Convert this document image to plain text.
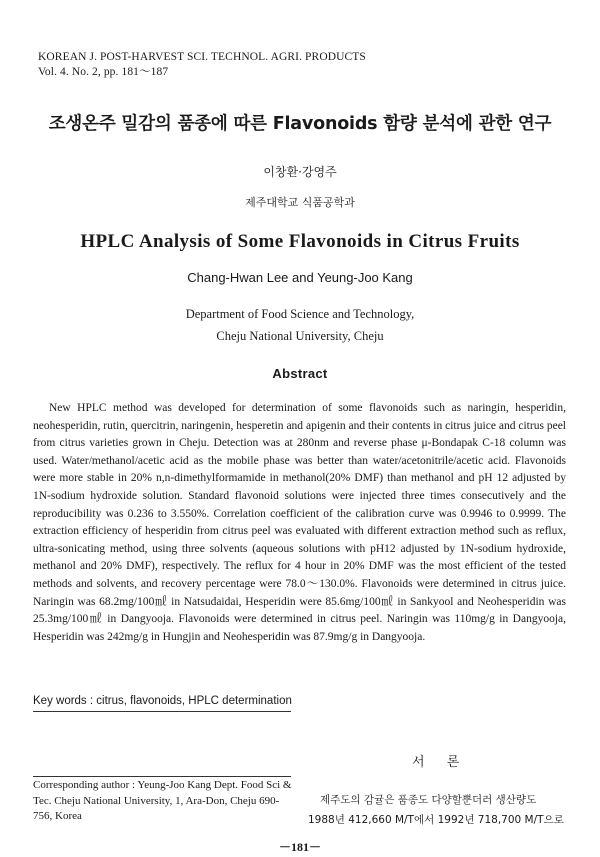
KOREAN J. POST-HARVEST SCI. TECHNOL. AGRI. PRODUCTS
Vol. 4. No. 2, pp. 181～187
조생온주 밀감의 품종에 따른 Flavonoids 함량 분석에 관한 연구
이창환·강영주
제주대학교 식품공학과
HPLC Analysis of Some Flavonoids in Citrus Fruits
Chang-Hwan Lee and Yeung-Joo Kang
Department of Food Science and Technology,
Cheju National University, Cheju
Abstract

New HPLC method was developed for determination of some flavonoids such as naringin, hesperidin, neohesperidin, rutin, quercitrin, naringenin, hesperetin and apigenin and their contents in citrus juice and citrus peel from citrus varieties grown in Cheju. Detection was at 280nm and reverse phase μ-Bondapak C-18 column was used. Water/methanol/acetic acid as the mobile phase was better than water/acetonitrile/acetic acid. Flavonoids were more stable in 20% n,n-dimethylformamide in methanol(20% DMF) than methanol and pH 12 adjusted by 1N-sodium hydroxide solution. Standard flavonoid solutions were injected three times consecutively and the reproducibility was 0.236 to 3.550%. Correlation coefficient of the calibration curve was 0.9946 to 0.9999. The extraction efficiency of hesperidin from citrus peel was evaluated with different extraction method such as reflux, ultra-sonicating method, using three solvents (aqueous solutions with pH12 adjusted by 1N-sodium hydroxide, methanol and 20% DMF), respectively. The reflux for 4 hour in 20% DMF was the most efficient of the tested methods and solvents, and recovery percentage were 78.0～130.0%. Flavonoids were determined in citrus juice. Naringin was 68.2mg/100㎖ in Natsudaidai, Hesperidin were 85.6mg/100㎖ in Sankyool and Neohesperidin was 25.3mg/100㎖ in Dangyooja. Flavonoids were determined in citrus peel. Naringin was 110mg/g in Dangyooja, Hesperidin was 242mg/g in Hungjin and Neohesperidin was 87.9mg/g in Dangyooja.

Key words : citrus, flavonoids, HPLC determination
서 론
Corresponding author : Yeung-Joo Kang Dept. Food Sci & Tec. Cheju National University, 1, Ara-Don, Cheju 690-756, Korea
제주도의 감귤은 품종도 다양할뿐더러 생산량도
1988년 412,660 M/T에서 1992년 718,700 M/T으로
－181－
